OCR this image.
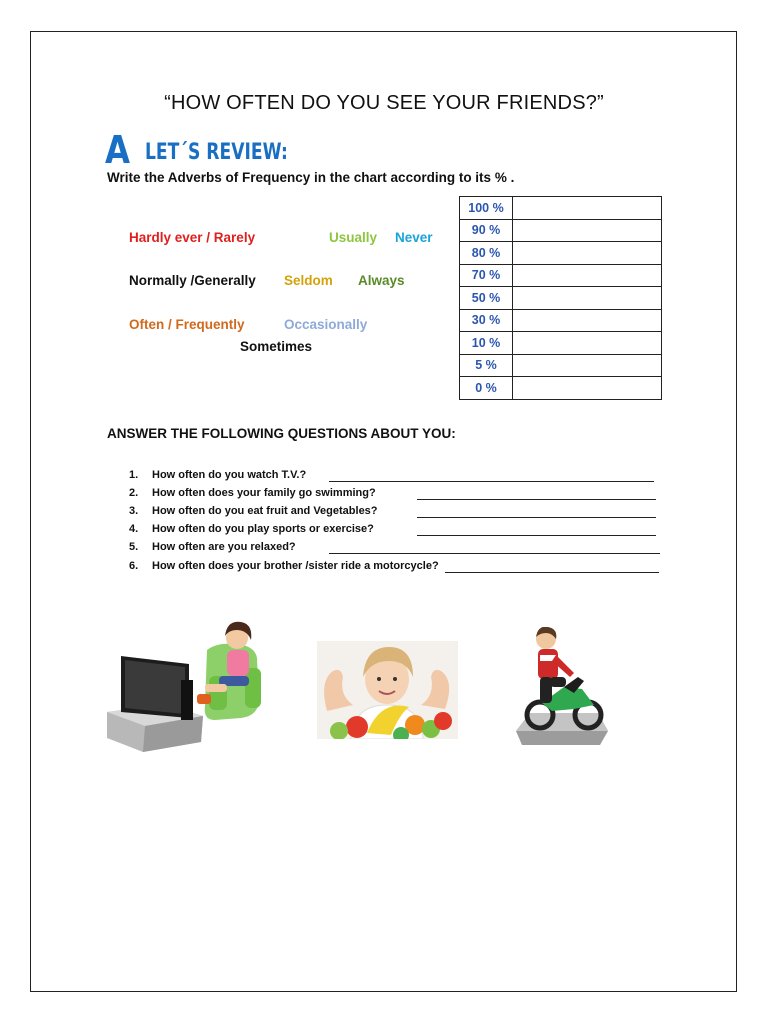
“HOW OFTEN DO YOU SEE YOUR FRIENDS?”
A LET´S REVIEW:
Write the Adverbs of Frequency in the chart according to its % .
Hardly ever / Rarely	Usually Never
Normally /Generally Seldom Always
Often / Frequently	Occasionally
Sometimes
100 %	
90 %	
80 %	
70 %	
50 %	
30 %	
10 %	
5 %	
0 %	
ANSWER THE FOLLOWING QUESTIONS ABOUT YOU:
1. How often do you watch T.V.?
2. How often does your family go swimming?
3. How often do you eat fruit and Vegetables?
4. How often do you play sports or exercise?
5. How often are you relaxed?
6. How often does your brother /sister ride a motorcycle?
